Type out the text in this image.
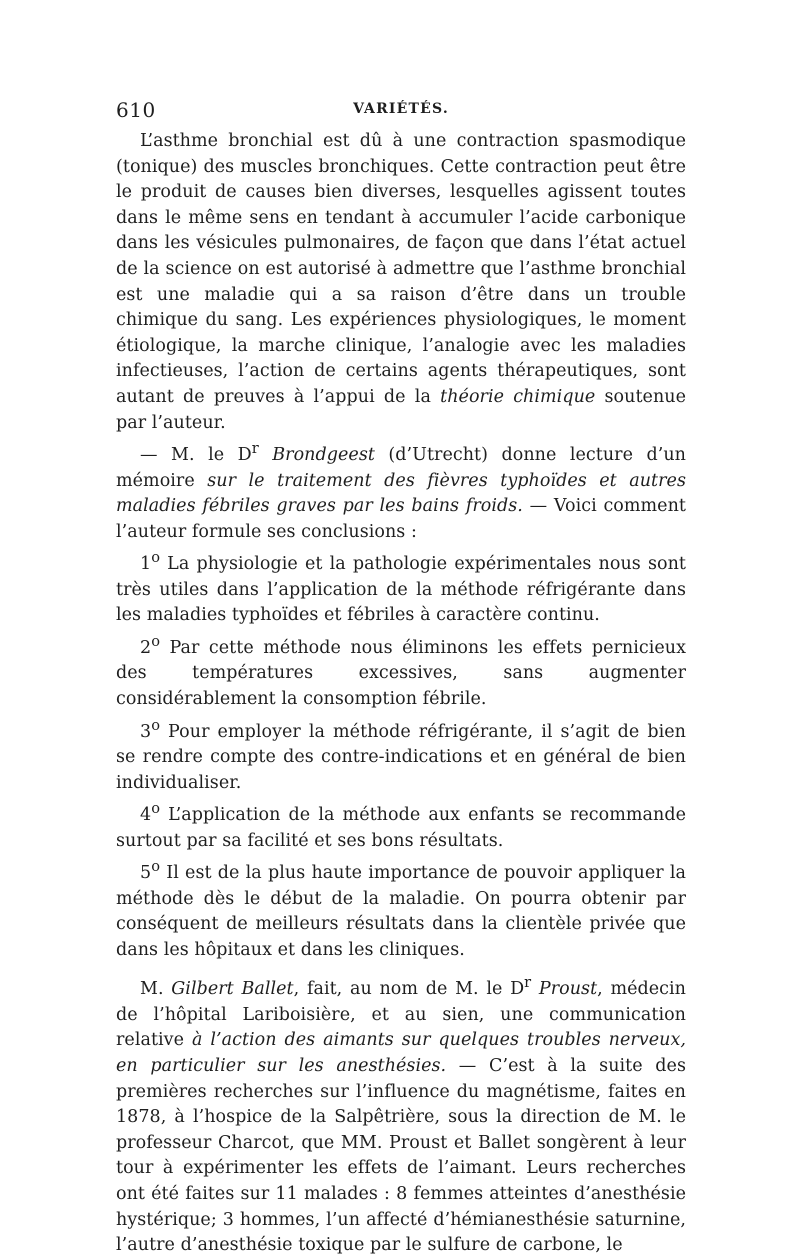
610	VARIÉTÉS.

L’asthme bronchial est dû à une contraction spasmodique (tonique) des muscles bronchiques. Cette contraction peut être le produit de causes bien diverses, lesquelles agissent toutes dans le même sens en tendant à accumuler l’acide carbonique dans les vésicules pulmonaires, de façon que dans l’état actuel de la science on est autorisé à admettre que l’asthme bronchial est une maladie qui a sa raison d’être dans un trouble chimique du sang. Les expériences physiologiques, le moment étiologique, la marche clinique, l’analogie avec les maladies infectieuses, l’action de certains agents thérapeutiques, sont autant de preuves à l’appui de la théorie chimique soutenue par l’auteur.

— M. le $D^r$ Brondgeest (d’Utrecht) donne lecture d’un mémoire sur le traitement des fièvres typhoïdes et autres maladies fébriles graves par les bains froids. — Voici comment l’auteur formule ses conclusions :

1$^o$ La physiologie et la pathologie expérimentales nous sont très utiles dans l’application de la méthode réfrigérante dans les maladies typhoïdes et fébriles à caractère continu.

2$^o$ Par cette méthode nous éliminons les effets pernicieux des températures excessives, sans augmenter considérablement la consomption fébrile.

3$^o$ Pour employer la méthode réfrigérante, il s’agit de bien se rendre compte des contre-indications et en général de bien individualiser.

4$^o$ L’application de la méthode aux enfants se recommande surtout par sa facilité et ses bons résultats.

5$^o$ Il est de la plus haute importance de pouvoir appliquer la méthode dès le début de la maladie. On pourra obtenir par conséquent de meilleurs résultats dans la clientèle privée que dans les hôpitaux et dans les cliniques.

M. Gilbert Ballet, fait, au nom de M. le $D^r$ Proust, médecin de l’hôpital Lariboisière, et au sien, une communication relative à l’action des aimants sur quelques troubles nerveux, en particulier sur les anesthésies. — C’est à la suite des premières recherches sur l’influence du magnétisme, faites en 1878, à l’hospice de la Salpêtrière, sous la direction de M. le professeur Charcot, que MM. Proust et Ballet songèrent à leur tour à expérimenter les effets de l’aimant. Leurs recherches ont été faites sur 11 malades : 8 femmes atteintes d’anesthésie hystérique; 3 hommes, l’un affecté d’hémianesthésie saturnine, l’autre d’anesthésie toxique par le sulfure de carbone, le
